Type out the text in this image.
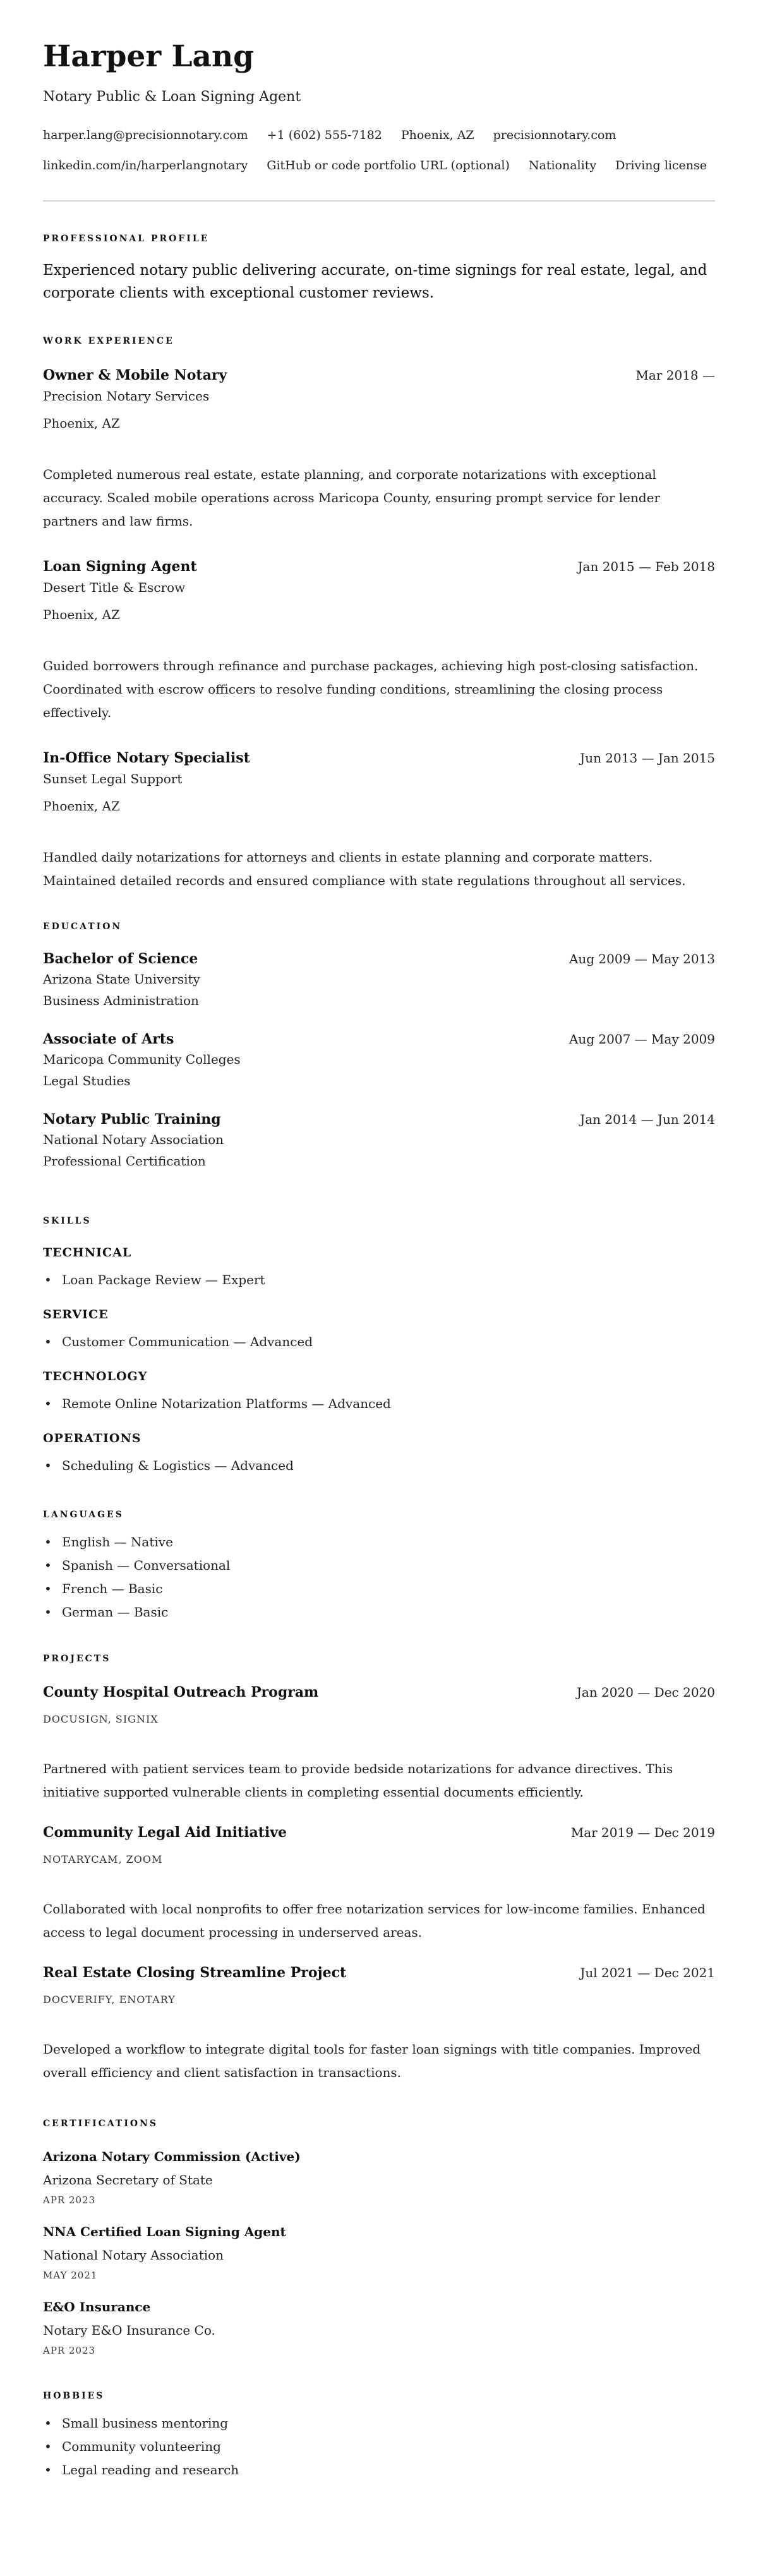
Harper Lang
Notary Public & Loan Signing Agent
harper.lang@precisionnotary.com +1 (602) 555-7182 Phoenix, AZ precisionnotary.com
linkedin.com/in/harperlangnotary GitHub or code portfolio URL (optional) Nationality Driving license
PROFESSIONAL PROFILE
Experienced notary public delivering accurate, on-time signings for real estate, legal, and corporate clients with exceptional customer reviews.
WORK EXPERIENCE
Owner & Mobile Notary	Mar 2018 —
Precision Notary Services
Phoenix, AZ
Completed numerous real estate, estate planning, and corporate notarizations with exceptional accuracy. Scaled mobile operations across Maricopa County, ensuring prompt service for lender partners and law firms.
Loan Signing Agent	Jan 2015 — Feb 2018
Desert Title & Escrow
Phoenix, AZ
Guided borrowers through refinance and purchase packages, achieving high post-closing satisfaction. Coordinated with escrow officers to resolve funding conditions, streamlining the closing process effectively.
In-Office Notary Specialist	Jun 2013 — Jan 2015
Sunset Legal Support
Phoenix, AZ
Handled daily notarizations for attorneys and clients in estate planning and corporate matters. Maintained detailed records and ensured compliance with state regulations throughout all services.
EDUCATION
Bachelor of Science	Aug 2009 — May 2013
Arizona State University
Business Administration
Associate of Arts	Aug 2007 — May 2009
Maricopa Community Colleges
Legal Studies
Notary Public Training	Jan 2014 — Jun 2014
National Notary Association
Professional Certification
SKILLS
TECHNICAL
• Loan Package Review — Expert
SERVICE
• Customer Communication — Advanced
TECHNOLOGY
• Remote Online Notarization Platforms — Advanced
OPERATIONS
• Scheduling & Logistics — Advanced
LANGUAGES
• English — Native
• Spanish — Conversational
• French — Basic
• German — Basic
PROJECTS
County Hospital Outreach Program	Jan 2020 — Dec 2020
DOCUSIGN, SIGNIX
Partnered with patient services team to provide bedside notarizations for advance directives. This initiative supported vulnerable clients in completing essential documents efficiently.
Community Legal Aid Initiative	Mar 2019 — Dec 2019
NOTARYCAM, ZOOM
Collaborated with local nonprofits to offer free notarization services for low-income families. Enhanced access to legal document processing in underserved areas.
Real Estate Closing Streamline Project	Jul 2021 — Dec 2021
DOCVERIFY, ENOTARY
Developed a workflow to integrate digital tools for faster loan signings with title companies. Improved overall efficiency and client satisfaction in transactions.
CERTIFICATIONS
Arizona Notary Commission (Active)
Arizona Secretary of State
APR 2023
NNA Certified Loan Signing Agent
National Notary Association
MAY 2021
E&O Insurance
Notary E&O Insurance Co.
APR 2023
HOBBIES
• Small business mentoring
• Community volunteering
• Legal reading and research
